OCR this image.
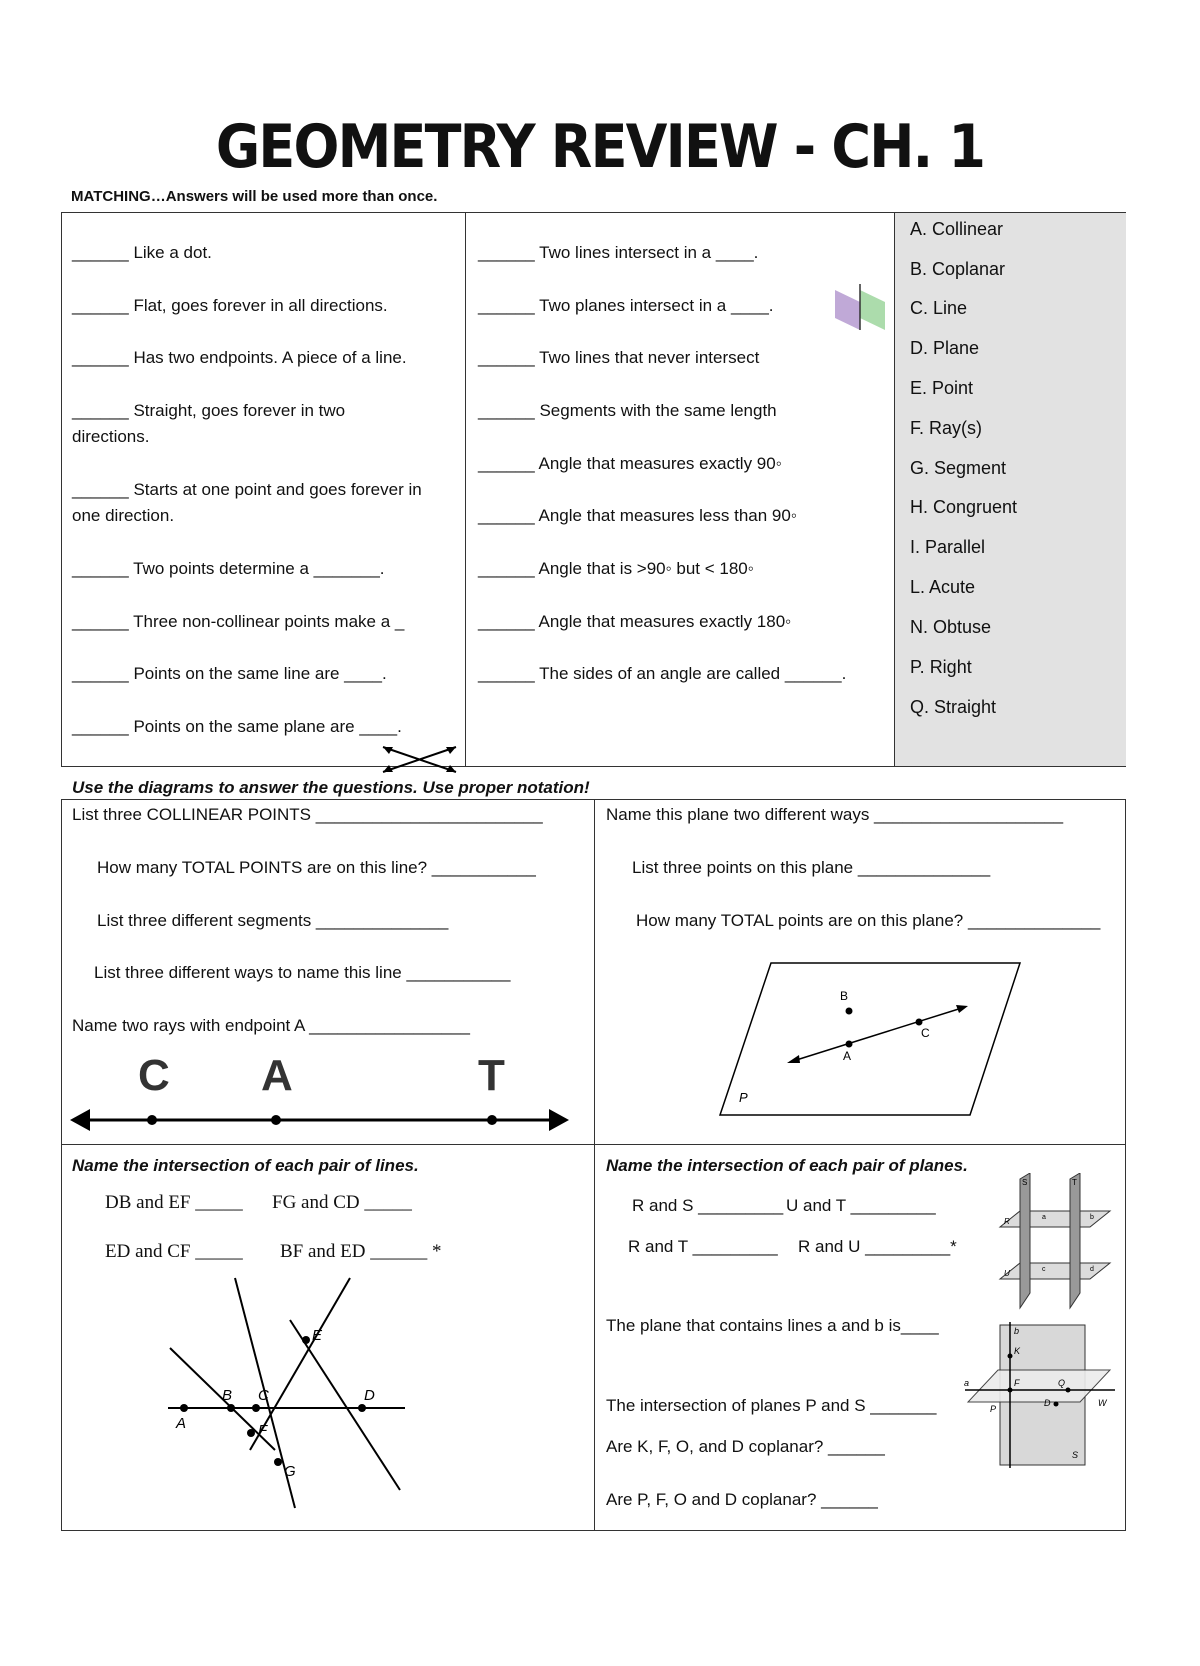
GEOMETRY REVIEW - CH. 1
MATCHING…Answers will be used more than once.
______ Like a dot.
______ Flat, goes forever in all directions.
______ Has two endpoints. A piece of a line.
______ Straight, goes forever in two
directions.
______ Starts at one point and goes forever in
one direction.
______ Two points determine a _______.
______ Three non-collinear points make a _
______ Points on the same line are ____.
______ Points on the same plane are ____.
______ Two lines intersect in a ____.
______ Two planes intersect in a ____.
______ Two lines that never intersect
______ Segments with the same length
______ Angle that measures exactly 90◦
______ Angle that measures less than 90◦
______ Angle that is >90◦ but < 180◦
______ Angle that measures exactly 180◦
______ The sides of an angle are called ______.
A. Collinear
B. Coplanar
C. Line
D. Plane
E. Point
F. Ray(s)
G. Segment
H. Congruent
I. Parallel
L. Acute
N. Obtuse
P. Right
Q. Straight
Use the diagrams to answer the questions. Use proper notation!
List three COLLINEAR POINTS ________________________
How many TOTAL POINTS are on this line? ___________
List three different segments ______________
List three different ways to name this line ___________
Name two rays with endpoint A _________________
C A	T
Name this plane two different ways ____________________
List three points on this plane ______________
How many TOTAL points are on this plane? ______________
B
C
A
P
Name the intersection of each pair of lines.
DB and EF _____ FG and CD _____
ED and CF _____ BF and ED ______ *
A
B C	D
E
F
G
Name the intersection of each pair of planes.
R and S _________ U and T _________
R and T _________ R and U _________*
The plane that contains lines a and b is____
The intersection of planes P and S _______
Are K, F, O, and D coplanar? ______
Are P, F, O and D coplanar? ______
S	T
R
U
a	b
c	d
b
K
F	Q
a
P
D	W
S
